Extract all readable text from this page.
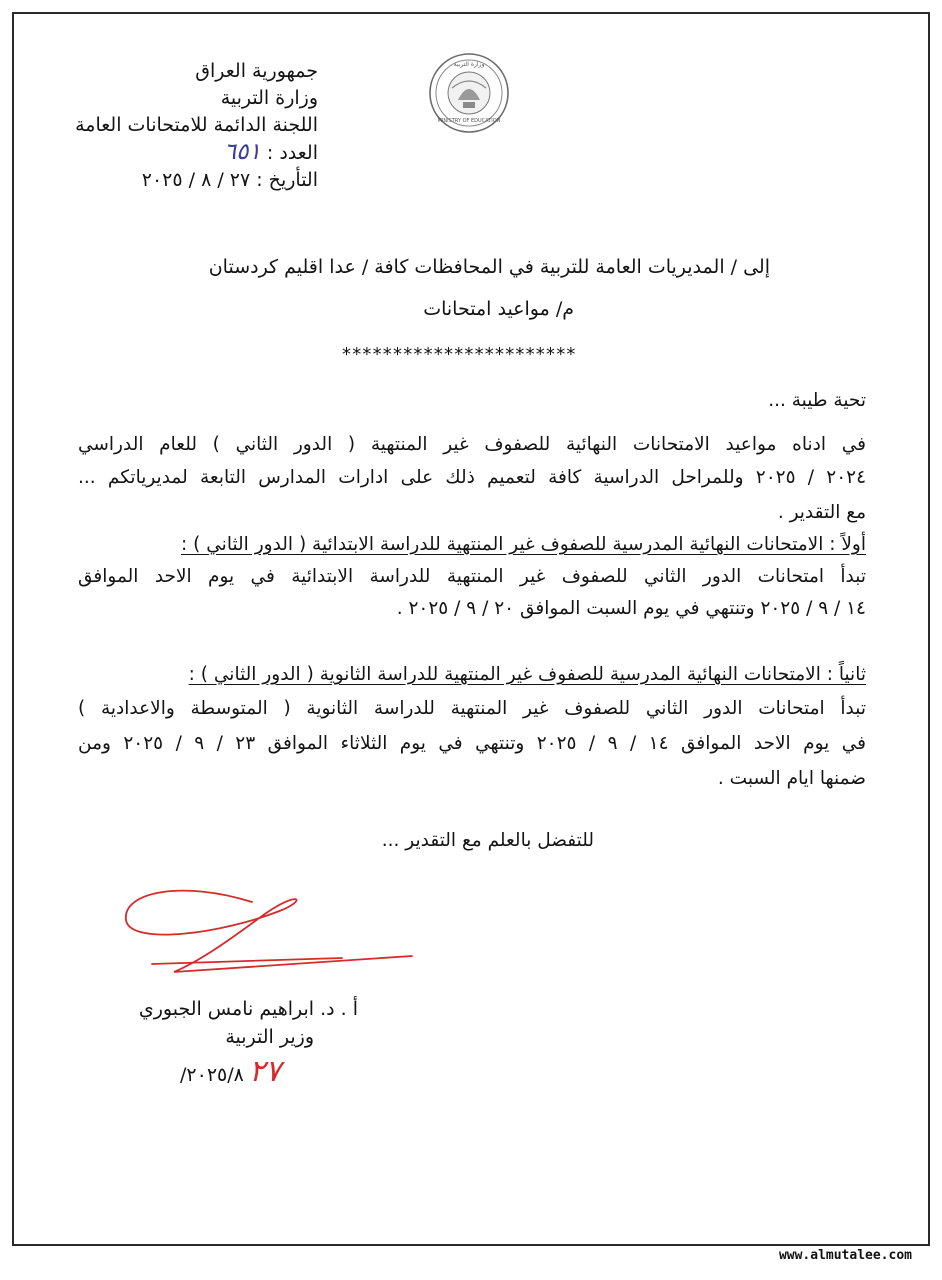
جمهورية العراق
وزارة التربية
اللجنة الدائمة للامتحانات العامة
العدد : ٦٥١
التأريخ : ٢٧ / ٨ / ٢٠٢٥
وزارة التربية
MINISTRY OF EDUCATION
إلى / المديريات العامة للتربية في المحافظات كافة / عدا اقليم كردستان
م/ مواعيد امتحانات
***********************
تحية طيبة ...
في ادناه مواعيد الامتحانات النهائية للصفوف غير المنتهية ( الدور الثاني ) للعام الدراسي
٢٠٢٤ / ٢٠٢٥ وللمراحل الدراسية كافة لتعميم ذلك على ادارات المدارس التابعة لمديرياتكم ...
مع التقدير .
أولاً : الامتحانات النهائية المدرسية للصفوف غير المنتهية للدراسة الابتدائية ( الدور الثاني ) :
تبدأ امتحانات الدور الثاني للصفوف غير المنتهية للدراسة الابتدائية في يوم الاحد الموافق
١٤ / ٩ / ٢٠٢٥ وتنتهي في يوم السبت الموافق ٢٠ / ٩ / ٢٠٢٥ .
ثانياً : الامتحانات النهائية المدرسية للصفوف غير المنتهية للدراسة الثانوية ( الدور الثاني ) :
تبدأ امتحانات الدور الثاني للصفوف غير المنتهية للدراسة الثانوية ( المتوسطة والاعدادية )
في يوم الاحد الموافق ١٤ / ٩ / ٢٠٢٥ وتنتهي في يوم الثلاثاء الموافق ٢٣ / ٩ / ٢٠٢٥ ومن
ضمنها ايام السبت .
للتفضل بالعلم مع التقدير ...
أ . د. ابراهيم نامس الجبوري
وزير التربية
٢٧ ٢٠٢٥/٨/
www.almutalee.com
